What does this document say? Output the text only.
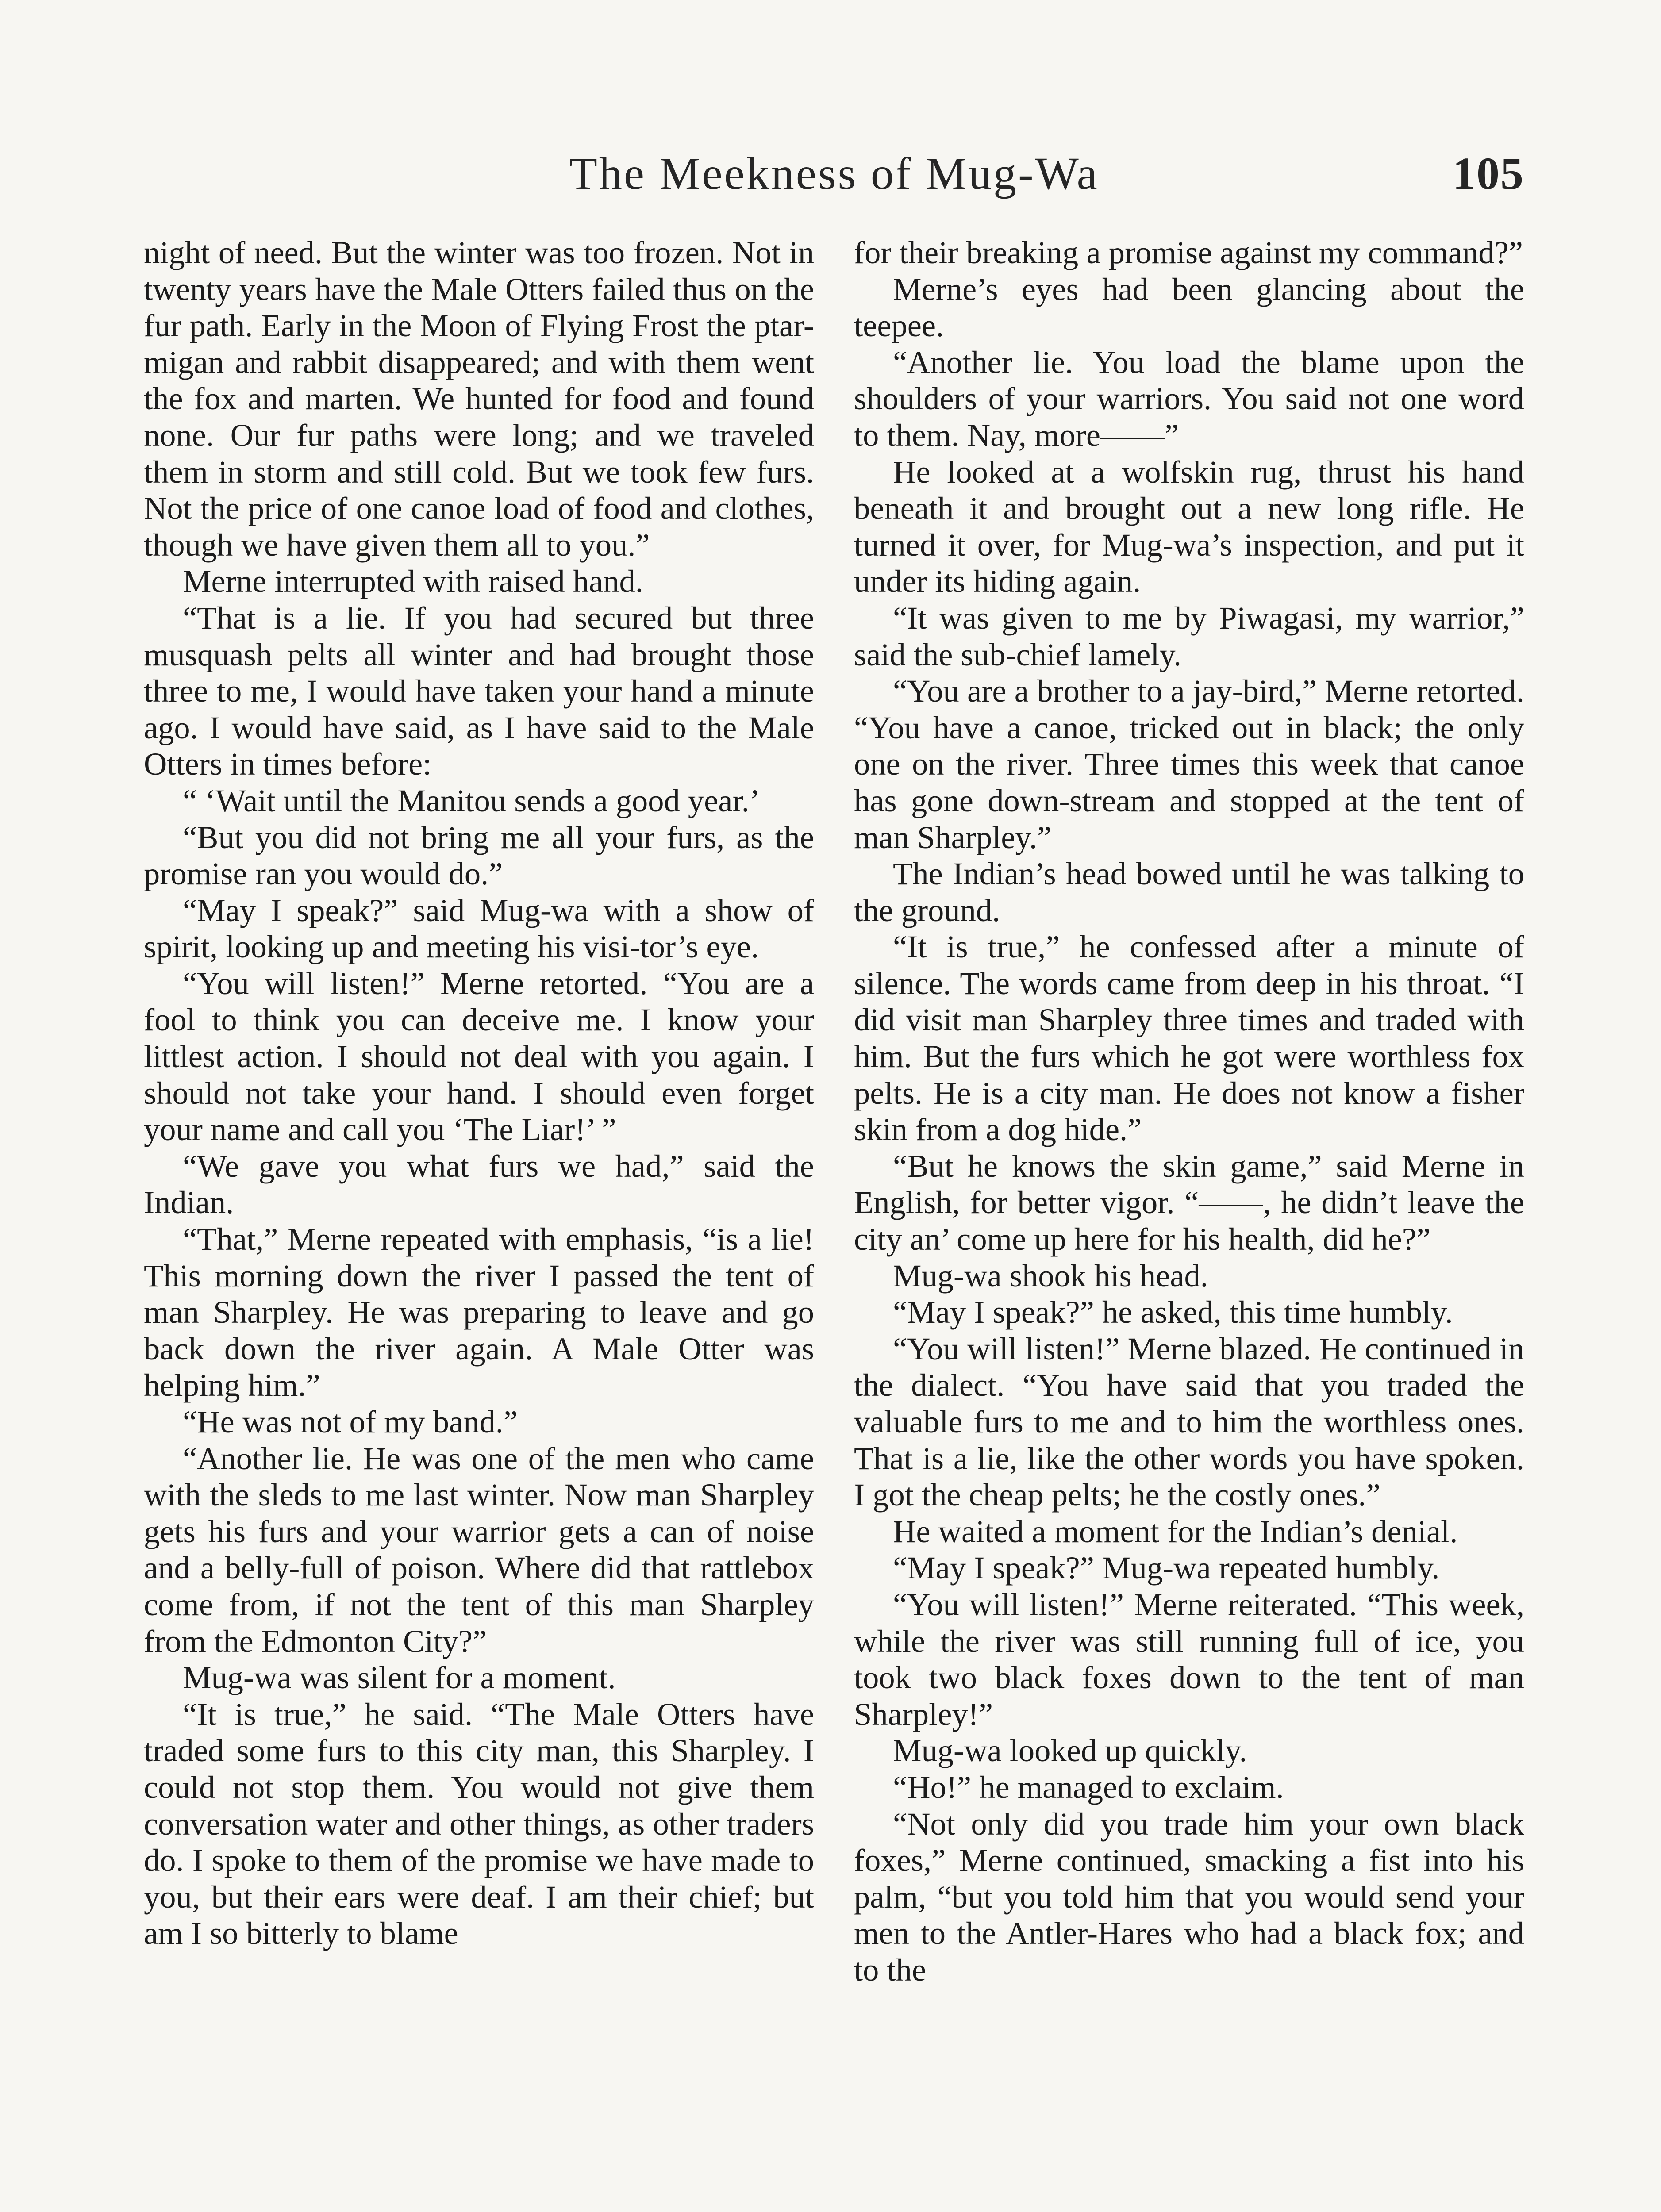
The Meekness of Mug-Wa	105

night of need. But the winter was too frozen. Not in twenty years have the Male Otters failed thus on the fur path. Early in the Moon of Flying Frost the ptar-migan and rabbit disappeared; and with them went the fox and marten. We hunted for food and found none. Our fur paths were long; and we traveled them in storm and still cold. But we took few furs. Not the price of one canoe load of food and clothes, though we have given them all to you.”

Merne interrupted with raised hand.

“That is a lie. If you had secured but three musquash pelts all winter and had brought those three to me, I would have taken your hand a minute ago. I would have said, as I have said to the Male Otters in times before:

“ ‘Wait until the Manitou sends a good year.’

“But you did not bring me all your furs, as the promise ran you would do.”

“May I speak?” said Mug-wa with a show of spirit, looking up and meeting his visi-tor’s eye.

“You will listen!” Merne retorted. “You are a fool to think you can deceive me. I know your littlest action. I should not deal with you again. I should not take your hand. I should even forget your name and call you ‘The Liar!’ ”

“We gave you what furs we had,” said the Indian.

“That,” Merne repeated with emphasis, “is a lie! This morning down the river I passed the tent of man Sharpley. He was preparing to leave and go back down the river again. A Male Otter was helping him.”

“He was not of my band.”

“Another lie. He was one of the men who came with the sleds to me last winter. Now man Sharpley gets his furs and your warrior gets a can of noise and a belly-full of poison. Where did that rattlebox come from, if not the tent of this man Sharpley from the Edmonton City?”

Mug-wa was silent for a moment.

“It is true,” he said. “The Male Otters have traded some furs to this city man, this Sharpley. I could not stop them. You would not give them conversation water and other things, as other traders do. I spoke to them of the promise we have made to you, but their ears were deaf. I am their chief; but am I so bitterly to blame

for their breaking a promise against my command?”

Merne’s eyes had been glancing about the teepee.

“Another lie. You load the blame upon the shoulders of your warriors. You said not one word to them. Nay, more——”

He looked at a wolfskin rug, thrust his hand beneath it and brought out a new long rifle. He turned it over, for Mug-wa’s inspection, and put it under its hiding again.

“It was given to me by Piwagasi, my warrior,” said the sub-chief lamely.

“You are a brother to a jay-bird,” Merne retorted. “You have a canoe, tricked out in black; the only one on the river. Three times this week that canoe has gone down-stream and stopped at the tent of man Sharpley.”

The Indian’s head bowed until he was talking to the ground.

“It is true,” he confessed after a minute of silence. The words came from deep in his throat. “I did visit man Sharpley three times and traded with him. But the furs which he got were worthless fox pelts. He is a city man. He does not know a fisher skin from a dog hide.”

“But he knows the skin game,” said Merne in English, for better vigor. “——, he didn’t leave the city an’ come up here for his health, did he?”

Mug-wa shook his head.

“May I speak?” he asked, this time humbly.

“You will listen!” Merne blazed. He continued in the dialect. “You have said that you traded the valuable furs to me and to him the worthless ones. That is a lie, like the other words you have spoken. I got the cheap pelts; he the costly ones.”

He waited a moment for the Indian’s denial.

“May I speak?” Mug-wa repeated humbly.

“You will listen!” Merne reiterated. “This week, while the river was still running full of ice, you took two black foxes down to the tent of man Sharpley!”

Mug-wa looked up quickly.

“Ho!” he managed to exclaim.

“Not only did you trade him your own black foxes,” Merne continued, smacking a fist into his palm, “but you told him that you would send your men to the Antler-Hares who had a black fox; and to the
